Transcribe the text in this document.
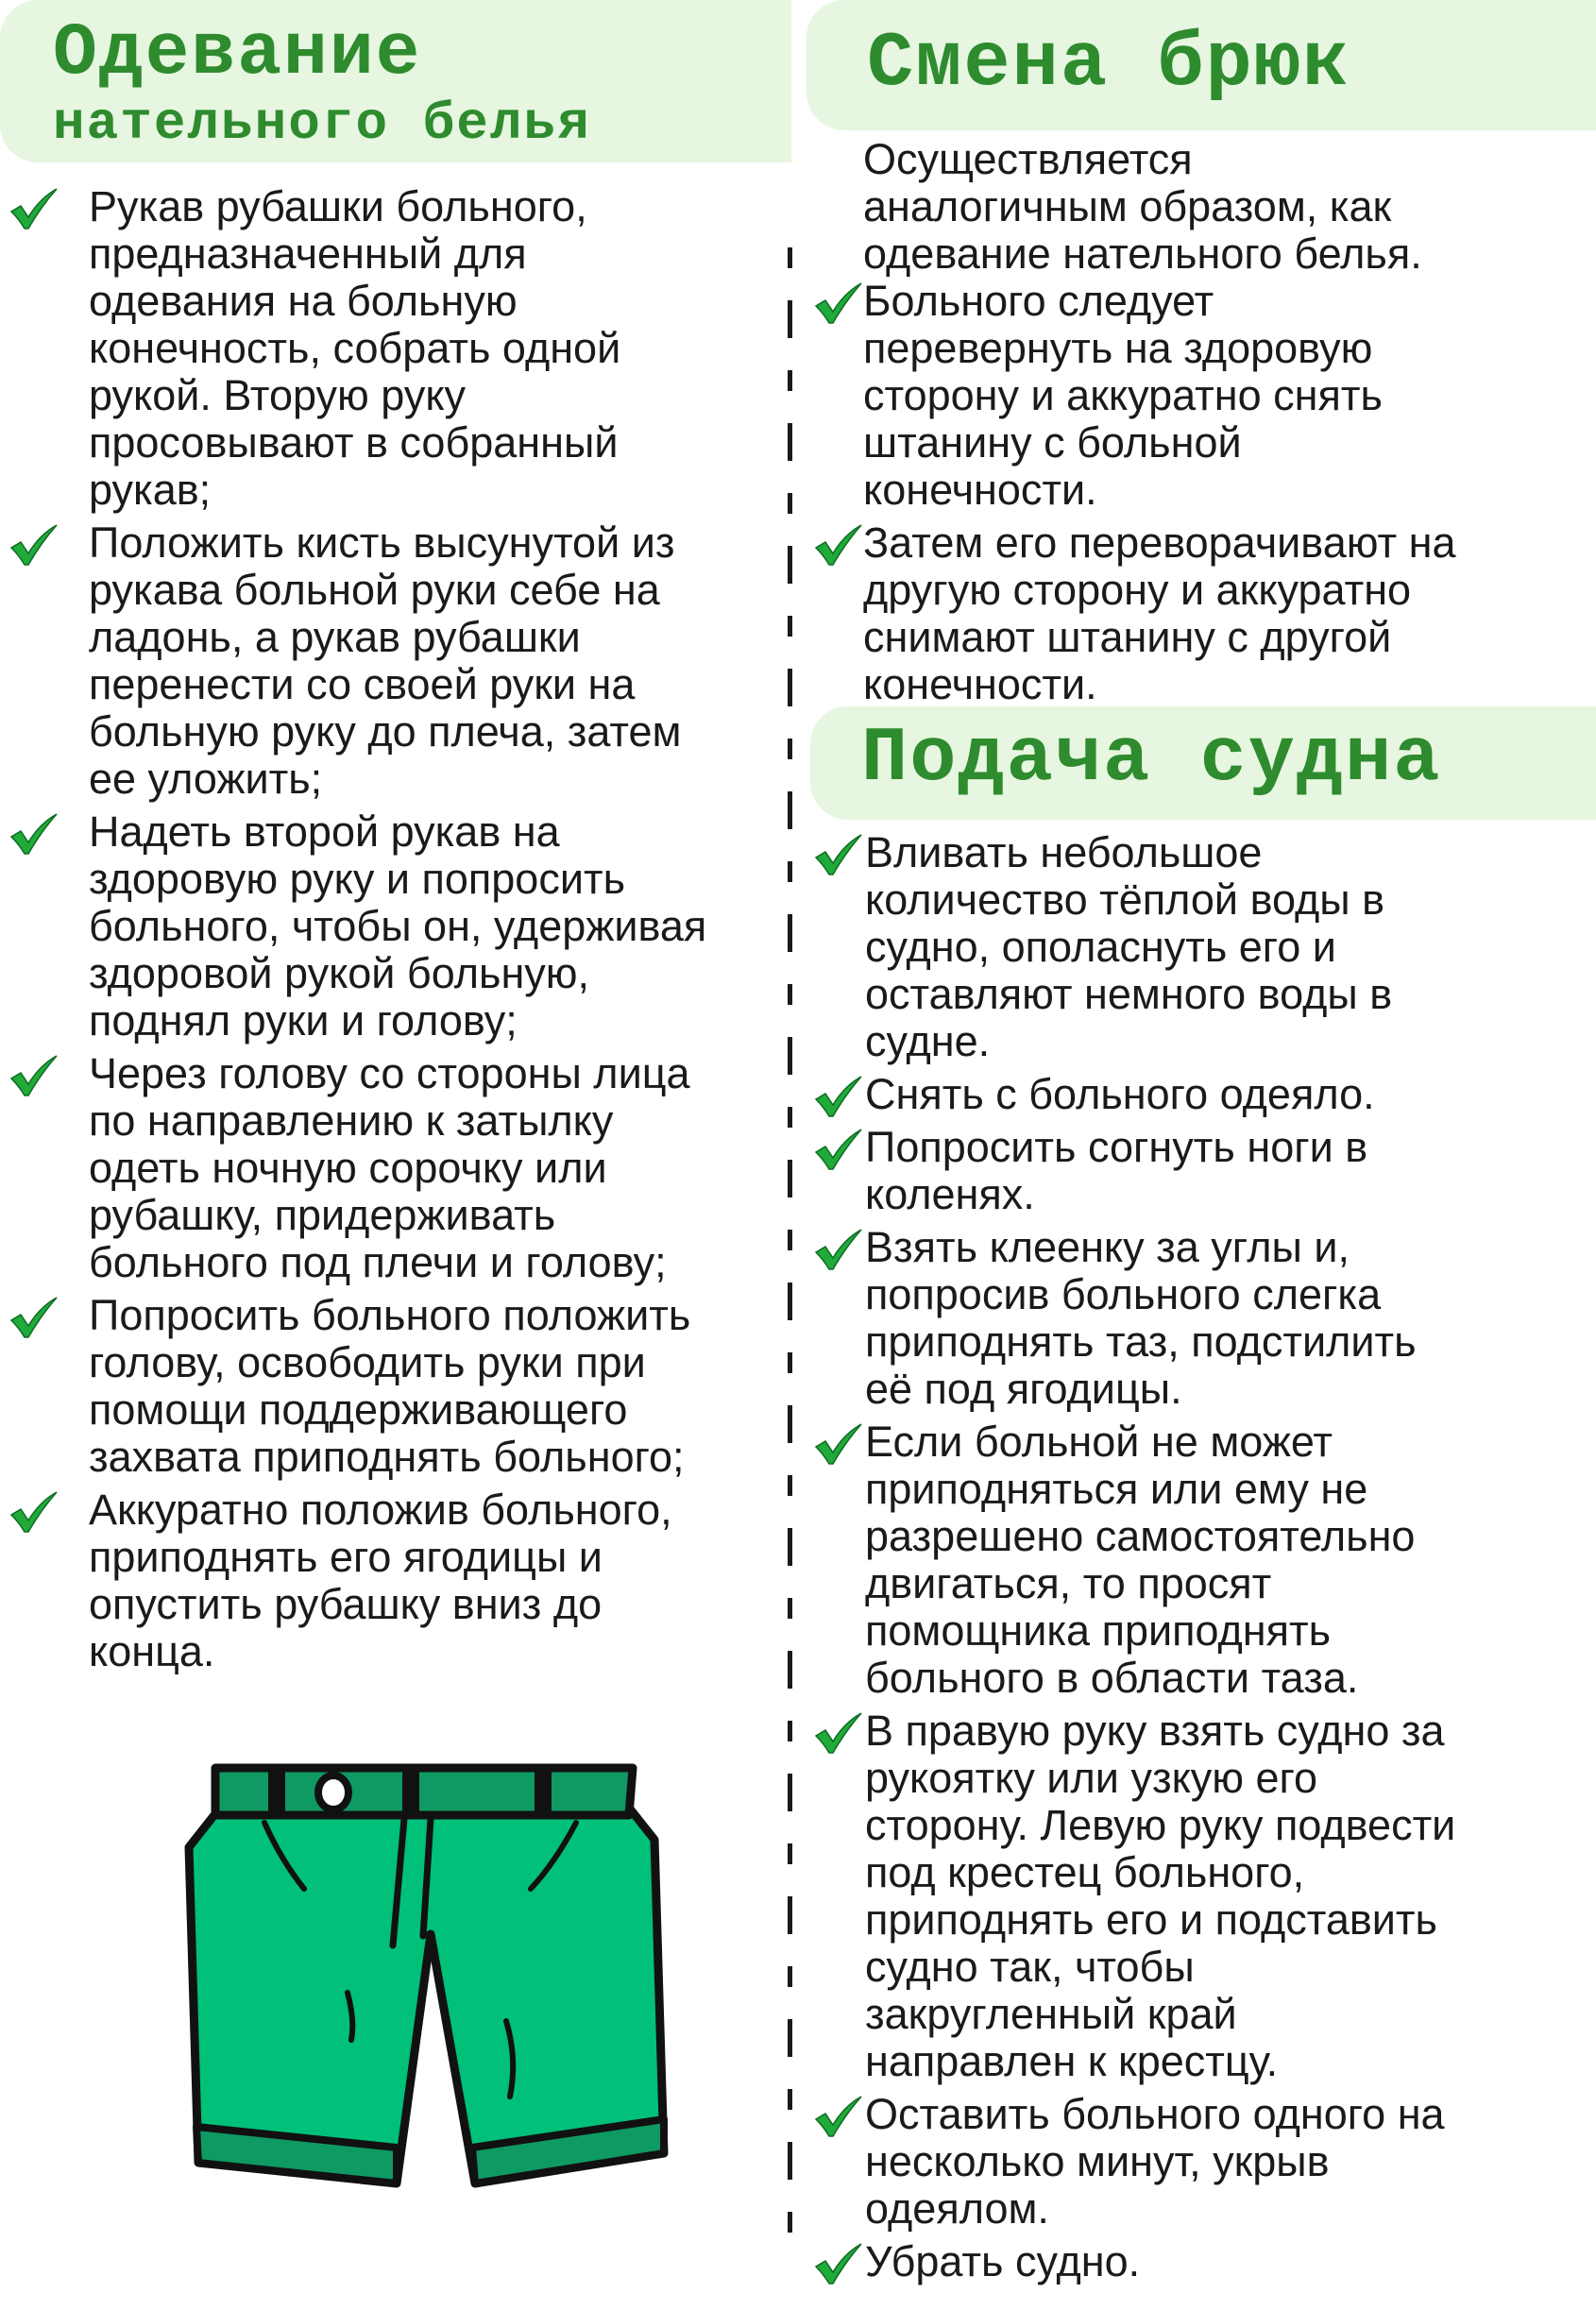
Одевание
нательного белья
Смена брюк
Подача судна
Рукав рубашки больного,
предназначенный для
одевания на больную
конечность, собрать одной
рукой. Вторую руку
просовывают в собранный
рукав;
Положить кисть высунутой из
рукава больной руки себе на
ладонь, а рукав рубашки
перенести со своей руки на
больную руку до плеча, затем
ее уложить;
Надеть второй рукав на
здоровую руку и попросить
больного, чтобы он, удерживая
здоровой рукой больную,
поднял руки и голову;
Через голову со стороны лица
по направлению к затылку
одеть ночную сорочку или
рубашку, придерживать
больного под плечи и голову;
Попросить больного положить
голову, освободить руки при
помощи поддерживающего
захвата приподнять больного;
Аккуратно положив больного,
приподнять его ягодицы и
опустить рубашку вниз до
конца.
Осуществляется
аналогичным образом, как
одевание нательного белья.
Больного следует
перевернуть на здоровую
сторону и аккуратно снять
штанину с больной
конечности.
Затем его переворачивают на
другую сторону и аккуратно
снимают штанину с другой
конечности.
Вливать небольшое
количество тёплой воды в
судно, ополаснуть его и
оставляют немного воды в
судне.
Снять с больного одеяло.
Попросить согнуть ноги в
коленях.
Взять клеенку за углы и,
попросив больного слегка
приподнять таз, подстилить
её под ягодицы.
Если больной не может
приподняться или ему не
разрешено самостоятельно
двигаться, то просят
помощника приподнять
больного в области таза.
В правую руку взять судно за
рукоятку или узкую его
сторону. Левую руку подвести
под крестец больного,
приподнять его и подставить
судно так, чтобы
закругленный край
направлен к крестцу.
Оставить больного одного на
несколько минут, укрыв
одеялом.
Убрать судно.
